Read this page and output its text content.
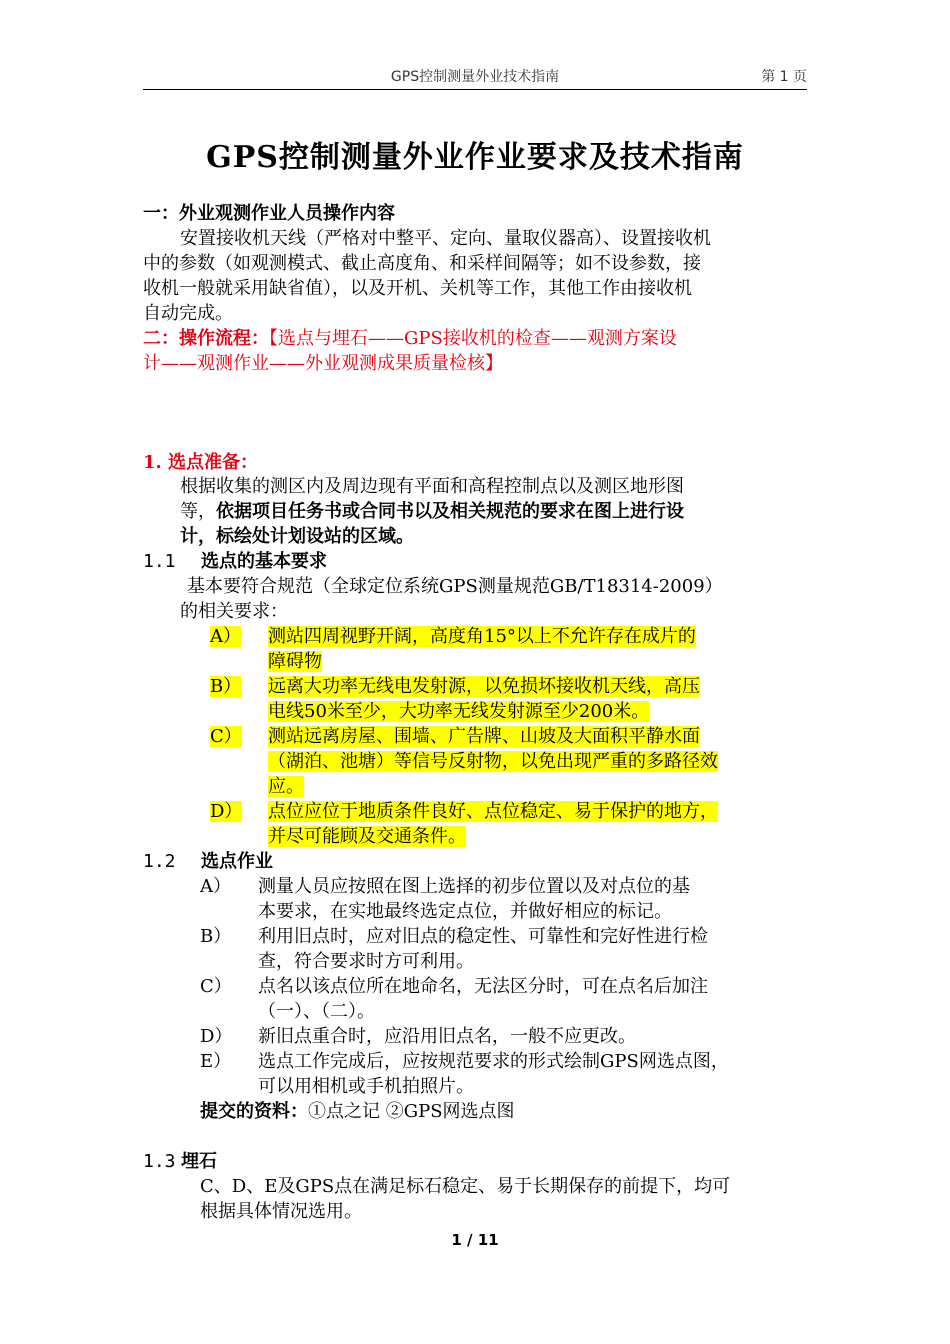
GPS控制测量外业技术指南	第 1 页
GPS控制测量外业作业要求及技术指南
一：外业观测作业人员操作内容
安置接收机天线（严格对中整平、定向、量取仪器高）、设置接收机
中的参数（如观测模式、截止高度角、和采样间隔等；如不设参数，接
收机一般就采用缺省值），以及开机、关机等工作，其他工作由接收机
自动完成。
二：操作流程：【选点与埋石——GPS接收机的检查——观测方案设
计——观测作业——外业观测成果质量检核】
1. 选点准备：
根据收集的测区内及周边现有平面和高程控制点以及测区地形图
等，依据项目任务书或合同书以及相关规范的要求在图上进行设
计，标绘处计划设站的区域。
1.1 选点的基本要求
基本要符合规范（全球定位系统GPS测量规范GB/T18314-2009）
的相关要求：
A） 测站四周视野开阔，高度角15°以上不允许存在成片的
障碍物
B） 远离大功率无线电发射源，以免损坏接收机天线，高压
电线50米至少，大功率无线发射源至少200米。
C） 测站远离房屋、围墙、广告牌、山坡及大面积平静水面
（湖泊、池塘）等信号反射物，以免出现严重的多路径效
应。
D） 点位应位于地质条件良好、点位稳定、易于保护的地方，
并尽可能顾及交通条件。
1.2 选点作业
A） 测量人员应按照在图上选择的初步位置以及对点位的基
本要求，在实地最终选定点位，并做好相应的标记。
B） 利用旧点时，应对旧点的稳定性、可靠性和完好性进行检
查，符合要求时方可利用。
C） 点名以该点位所在地命名，无法区分时，可在点名后加注
（一）、（二）。
D） 新旧点重合时，应沿用旧点名，一般不应更改。
E） 选点工作完成后，应按规范要求的形式绘制GPS网选点图，
可以用相机或手机拍照片。
提交的资料：①点之记 ②GPS网选点图
1.3 埋石
C、D、E及GPS点在满足标石稳定、易于长期保存的前提下，均可
根据具体情况选用。
1 / 11
